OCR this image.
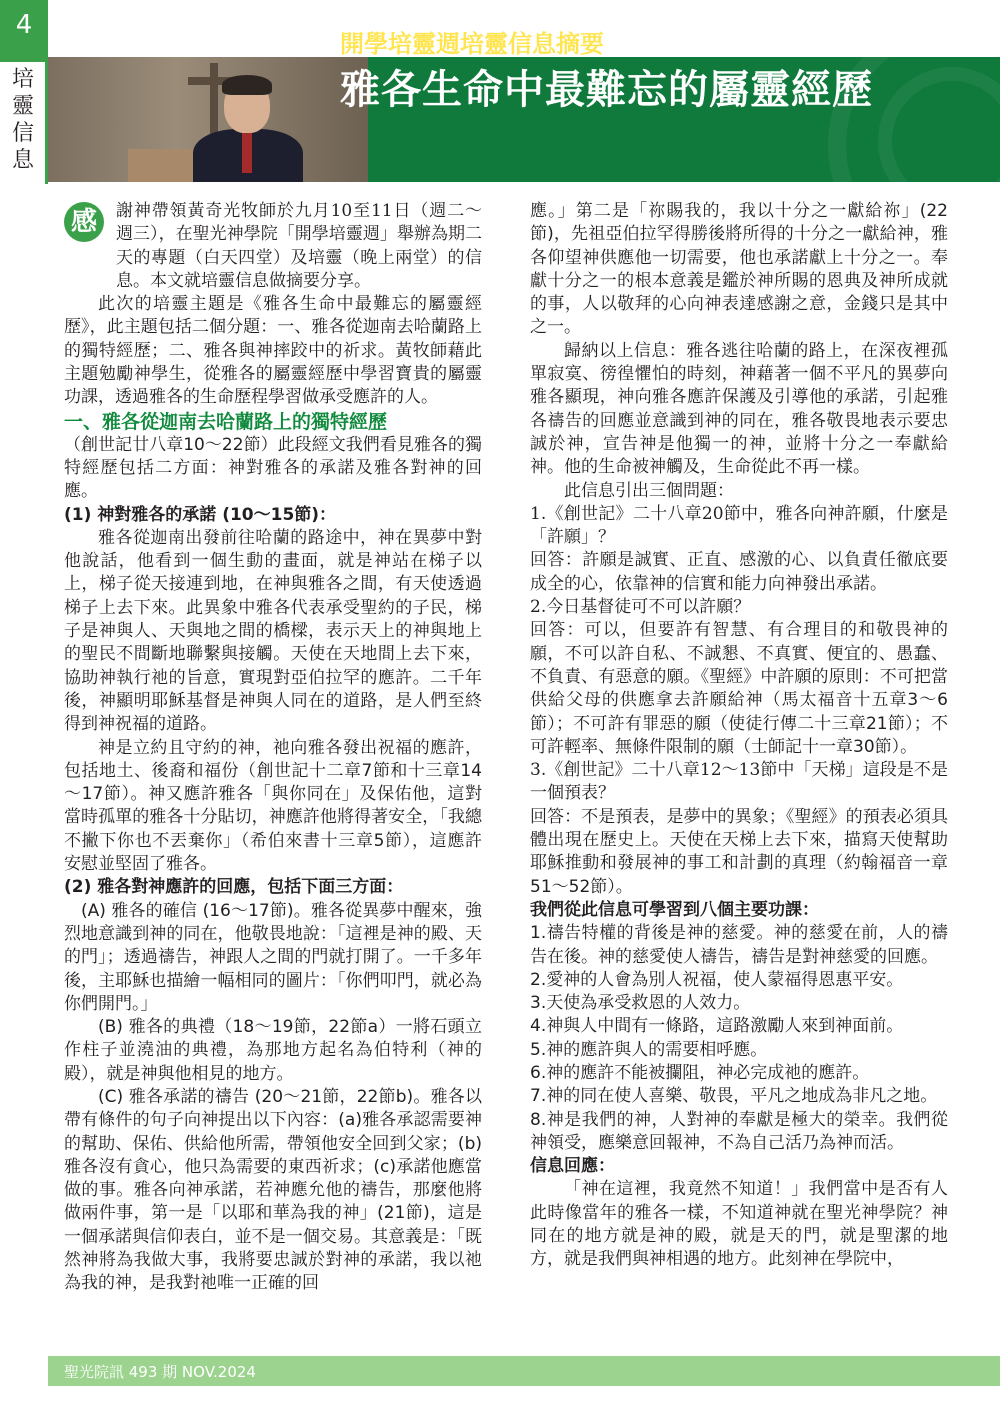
4
培靈信息
開學培靈週培靈信息摘要 ◉ 摘要整理／伍安怡、謝冠雄
雅各生命中最難忘的屬靈經歷
感	謝神帶領黃奇光牧師於九月10至11日（週二～週三），在聖光神學院「開學培靈週」舉辦為期二天的專題（白天四堂）及培靈（晚上兩堂）的信息。本文就培靈信息做摘要分享。

此次的培靈主題是《雅各生命中最難忘的屬靈經歷》，此主題包括二個分題：一、雅各從迦南去哈蘭路上的獨特經歷；二、雅各與神摔跤中的祈求。黃牧師藉此主題勉勵神學生，從雅各的屬靈經歷中學習寶貴的屬靈功課，透過雅各的生命歷程學習做承受應許的人。

一、雅各從迦南去哈蘭路上的獨特經歷

（創世記廿八章10～22節）此段經文我們看見雅各的獨特經歷包括二方面：神對雅各的承諾及雅各對神的回應。

(1) 神對雅各的承諾 (10～15節)：

雅各從迦南出發前往哈蘭的路途中，神在異夢中對他說話，他看到一個生動的畫面，就是神站在梯子以上，梯子從天接連到地，在神與雅各之間，有天使透過梯子上去下來。此異象中雅各代表承受聖約的子民，梯子是神與人、天與地之間的橋樑，表示天上的神與地上的聖民不間斷地聯繫與接觸。天使在天地間上去下來，協助神執行祂的旨意，實現對亞伯拉罕的應許。二千年後，神顯明耶穌基督是神與人同在的道路，是人們至終得到神祝福的道路。

神是立約且守約的神，祂向雅各發出祝福的應許，包括地土、後裔和福份（創世記十二章7節和十三章14～17節）。神又應許雅各「與你同在」及保佑他，這對當時孤單的雅各十分貼切，神應許他將得著安全，「我總不撇下你也不丟棄你」（希伯來書十三章5節），這應許安慰並堅固了雅各。

(2) 雅各對神應許的回應，包括下面三方面：

(A) 雅各的確信 (16～17節)。雅各從異夢中醒來，強烈地意識到神的同在，他敬畏地說：「這裡是神的殿、天的門」；透過禱告，神跟人之間的門就打開了。一千多年後，主耶穌也描繪一幅相同的圖片：「你們叩門，就必為你們開門。」

(B) 雅各的典禮（18～19節，22節a）一將石頭立作柱子並澆油的典禮，為那地方起名為伯特利（神的殿），就是神與他相見的地方。

(C) 雅各承諾的禱告 (20～21節，22節b)。雅各以帶有條件的句子向神提出以下內容：(a)雅各承認需要神的幫助、保佑、供給他所需，帶領他安全回到父家；(b)雅各沒有貪心，他只為需要的東西祈求；(c)承諾他應當做的事。雅各向神承諾，若神應允他的禱告，那麼他將做兩件事，第一是「以耶和華為我的神」(21節)，這是一個承諾與信仰表白，並不是一個交易。其意義是：「既然神將為我做大事，我將要忠誠於對神的承諾，我以祂為我的神，是我對祂唯一正確的回

應。」第二是「祢賜我的，我以十分之一獻給祢」(22節)，先祖亞伯拉罕得勝後將所得的十分之一獻給神，雅各仰望神供應他一切需要，他也承諾獻上十分之一。奉獻十分之一的根本意義是鑑於神所賜的恩典及神所成就的事，人以敬拜的心向神表達感謝之意，金錢只是其中之一。

歸納以上信息：雅各逃往哈蘭的路上，在深夜裡孤單寂寞、徬徨懼怕的時刻，神藉著一個不平凡的異夢向雅各顯現，神向雅各應許保護及引導他的承諾，引起雅各禱告的回應並意識到神的同在，雅各敬畏地表示要忠誠於神，宣告神是他獨一的神，並將十分之一奉獻給神。他的生命被神觸及，生命從此不再一樣。

此信息引出三個問題：

1.《創世記》二十八章20節中，雅各向神許願，什麼是「許願」？

回答：許願是誠實、正直、感激的心、以負責任徹底要成全的心，依靠神的信實和能力向神發出承諾。

2.今日基督徒可不可以許願？

回答：可以，但要許有智慧、有合理目的和敬畏神的願，不可以許自私、不誠懇、不真實、便宜的、愚蠢、不負責、有惡意的願。《聖經》中許願的原則：不可把當供給父母的供應拿去許願給神（馬太福音十五章3～6節）；不可許有罪惡的願（使徒行傳二十三章21節）；不可許輕率、無條件限制的願（士師記十一章30節）。

3.《創世記》二十八章12～13節中「天梯」這段是不是一個預表？

回答：不是預表，是夢中的異象；《聖經》的預表必須具體出現在歷史上。天使在天梯上去下來，描寫天使幫助耶穌推動和發展神的事工和計劃的真理（約翰福音一章51～52節）。

我們從此信息可學習到八個主要功課：

1.禱告特權的背後是神的慈愛。神的慈愛在前，人的禱告在後。神的慈愛使人禱告，禱告是對神慈愛的回應。

2.愛神的人會為別人祝福，使人蒙福得恩惠平安。

3.天使為承受救恩的人效力。

4.神與人中間有一條路，這路激勵人來到神面前。

5.神的應許與人的需要相呼應。

6.神的應許不能被攔阻，神必完成祂的應許。

7.神的同在使人喜樂、敬畏，平凡之地成為非凡之地。

8.神是我們的神，人對神的奉獻是極大的榮幸。我們從神領受，應樂意回報神，不為自己活乃為神而活。

信息回應：

「神在這裡，我竟然不知道！」我們當中是否有人此時像當年的雅各一樣，不知道神就在聖光神學院？神同在的地方就是神的殿，就是天的門，就是聖潔的地方，就是我們與神相遇的地方。此刻神在學院中，

聖光院訊 493 期 NOV.2024
